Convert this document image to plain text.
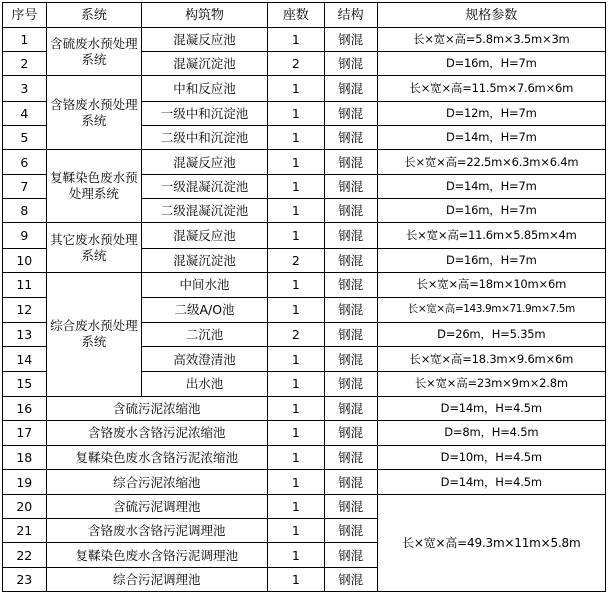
序号	系统	构筑物	座数	结构	规格参数
1	含硫废水预处理系统	混凝反应池	1	钢混	长×宽×高=5.8m×3.5m×3m
2		混凝沉淀池	2	钢混	D=16m，H=7m
3	含铬废水预处理系统	中和反应池	1	钢混	长×宽×高=11.5m×7.6m×6m
4		一级中和沉淀池	1	钢混	D=12m，H=7m
5		二级中和沉淀池	1	钢混	D=14m，H=7m
6	复鞣染色废水预处理系统	混凝反应池	1	钢混	长×宽×高=22.5m×6.3m×6.4m
7		一级混凝沉淀池	1	钢混	D=14m，H=7m
8		二级混凝沉淀池	1	钢混	D=16m，H=7m
9	其它废水预处理系统	混凝反应池	1	钢混	长×宽×高=11.6m×5.85m×4m
10		混凝沉淀池	2	钢混	D=16m，H=7m
11	综合废水预处理系统	中间水池	1	钢混	长×宽×高=18m×10m×6m
12		二级A/O池	1	钢混	长×宽×高=143.9m×71.9m×7.5m
13		二沉池	2	钢混	D=26m，H=5.35m
14		高效澄清池	1	钢混	长×宽×高=18.3m×9.6m×6m
15		出水池	1	钢混	长×宽×高=23m×9m×2.8m
16	含硫污泥浓缩池		1	钢混	D=14m，H=4.5m
17	含铬废水含铬污泥浓缩池		1	钢混	D=8m，H=4.5m
18	复鞣染色废水含铬污泥浓缩池		1	钢混	D=10m，H=4.5m
19	综合污泥浓缩池		1	钢混	D=14m，H=4.5m
20	含硫污泥调理池		1	钢混	长×宽×高=49.3m×11m×5.8m
21	含铬废水含铬污泥调理池		1	钢混	
22	复鞣染色废水含铬污泥调理池		1	钢混	
23	综合污泥调理池		1	钢混	
